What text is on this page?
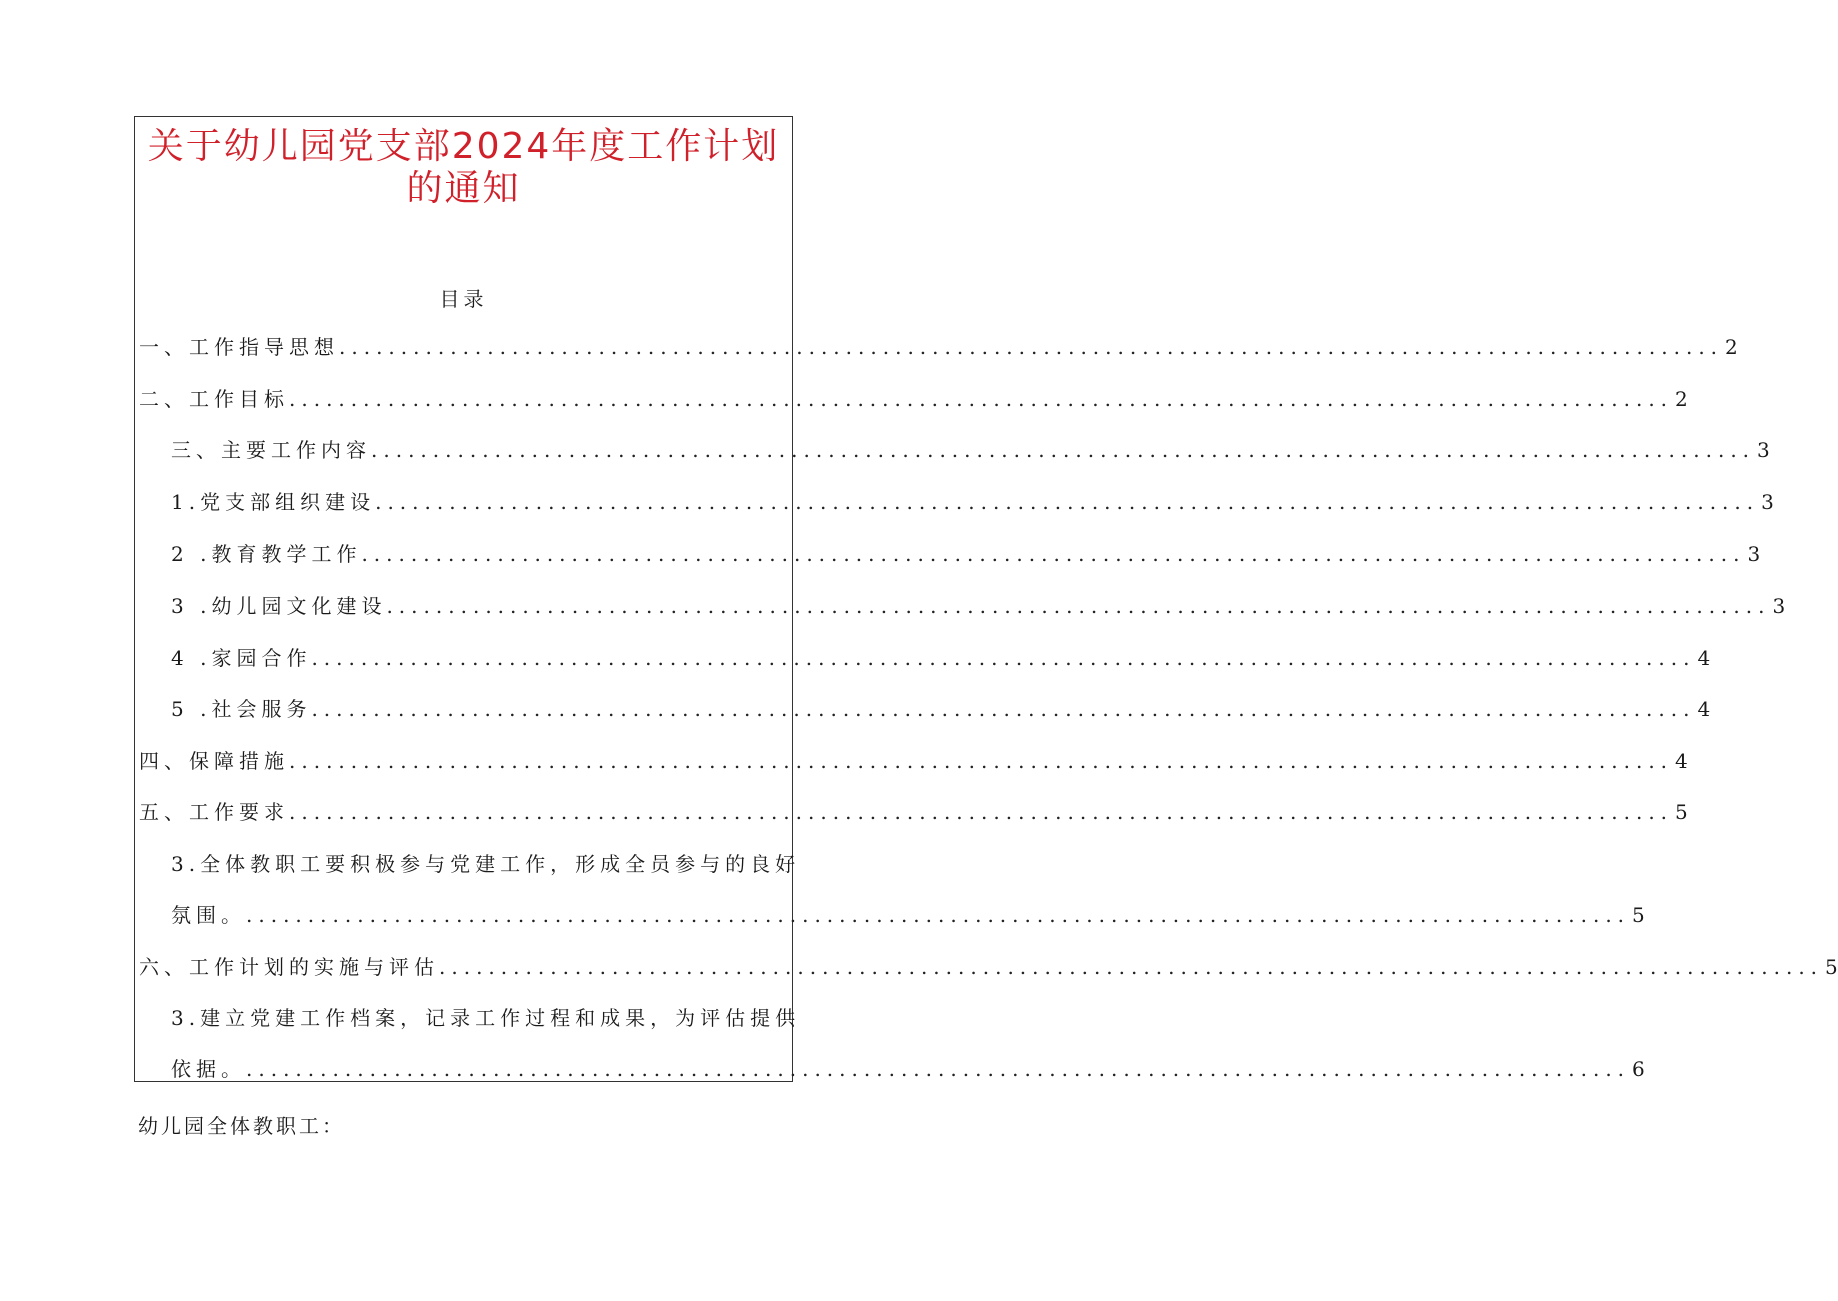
关于幼儿园党支部2024年度工作计划
的通知
目录
一、工作指导思想 ................................................................................................................ 2
二、工作目标 ................................................................................................................ 2
三、主要工作内容 ................................................................................................................ 3
1.党支部组织建设 ................................................................................................................ 3
2 .教育教学工作 ................................................................................................................ 3
3 .幼儿园文化建设 ................................................................................................................ 3
4 .家园合作 ................................................................................................................ 4
5 .社会服务 ................................................................................................................ 4
四、保障措施 ................................................................................................................ 4
五、工作要求 ................................................................................................................ 5
3.全体教职工要积极参与党建工作，形成全员参与的良好
氛围。 ................................................................................................................ 5
六、工作计划的实施与评估 ................................................................................................................ 5
3.建立党建工作档案，记录工作过程和成果，为评估提供
依据。 ................................................................................................................ 6
幼儿园全体教职工：
